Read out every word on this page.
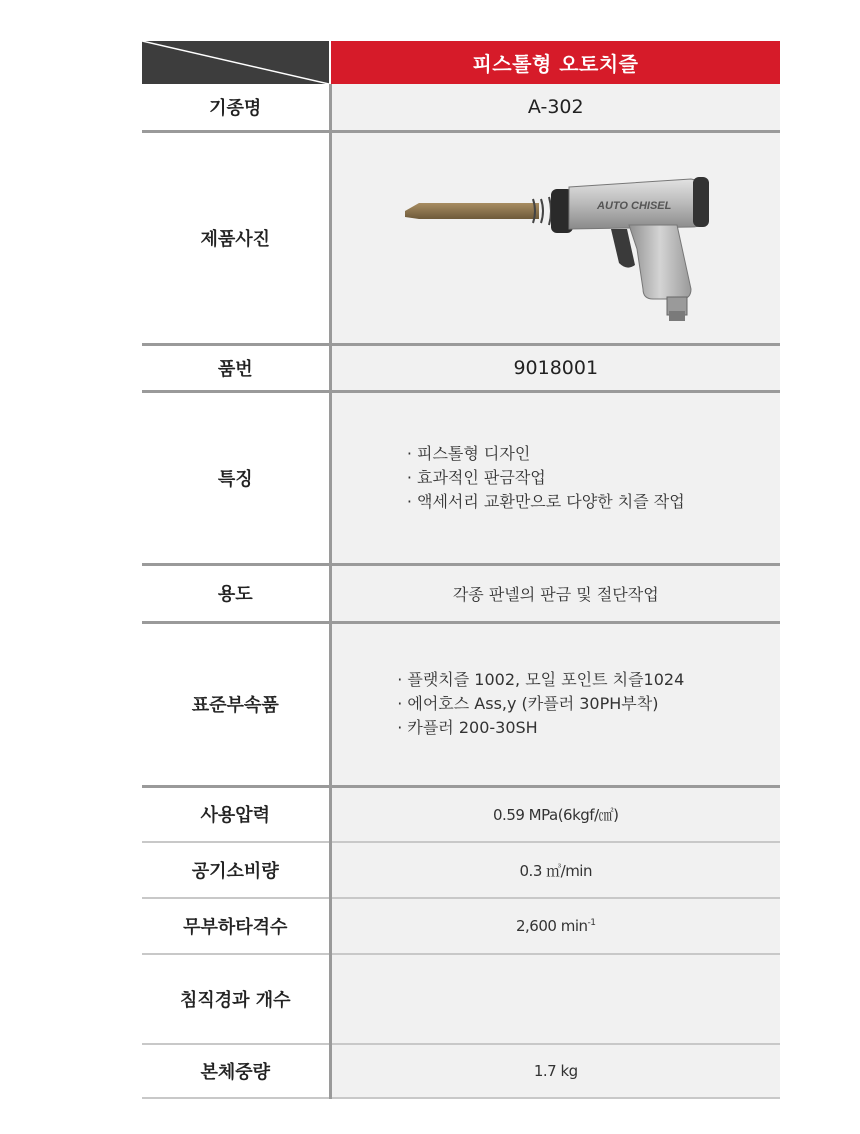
	피스톨형 오토치즐
기종명	A-302
제품사진	AUTO CHISEL

품번	9018001
특징	· 피스톨형 디자인
· 효과적인 판금작업
· 액세서리 교환만으로 다양한 치즐 작업

용도	각종 판넬의 판금 및 절단작업
표준부속품	· 플랫치즐 1002, 모일 포인트 치즐1024
· 에어호스 Ass,y (카플러 30PH부착)
· 카플러 200-30SH

사용압력	0.59 MPa(6kgf/㎠)
공기소비량	0.3 ㎥/min
무부하타격수	2,600 $\min^{-1}$
침직경과 개수	
본체중량	1.7 kg
